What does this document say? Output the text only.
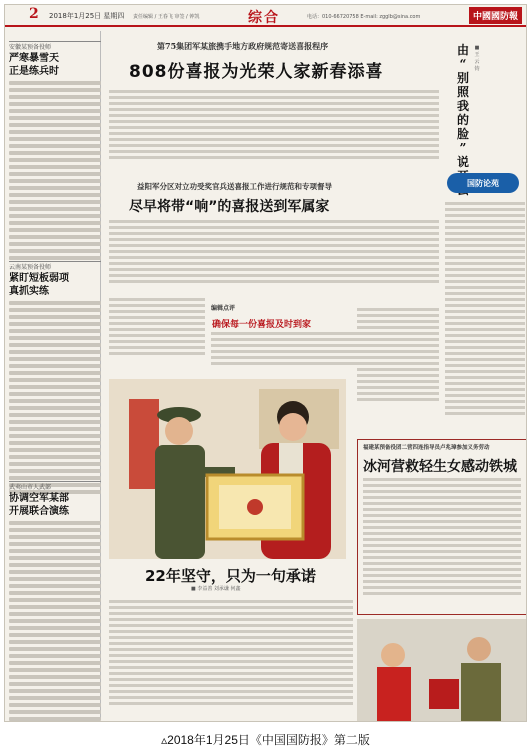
2 2018年1月25日 星期四 责任编辑 / 王春飞 审签 / 钟凯	综合	电话：010-66720758 E-mail: zgglb@sina.com	中國國防報
安徽某预备役师
严寒暴雪天
正是练兵时
云南某预备役师
紧盯短板弱项
真抓实练
武夷山市人武部
协调空军某部
开展联合演练
第75集团军某旅携手地方政府规范寄送喜报程序
808份喜报为光荣人家新春添喜
益阳军分区对立功受奖官兵送喜报工作进行规范和专项督导
尽早将带“响”的喜报送到军属家
编辑点评
确保每一份喜报及时到家
22年坚守，只为一句承诺
■ 李益善 刘承谦 何鑫
由
“
别
照
我
的
脸
”
说

■ 王云钧
国防论苑
福建某预备役团二营四连指导员卢兆璋参加义务劳动
冰河营救轻生女感动铁城
▵2018年1月25日《中国国防报》第二版
